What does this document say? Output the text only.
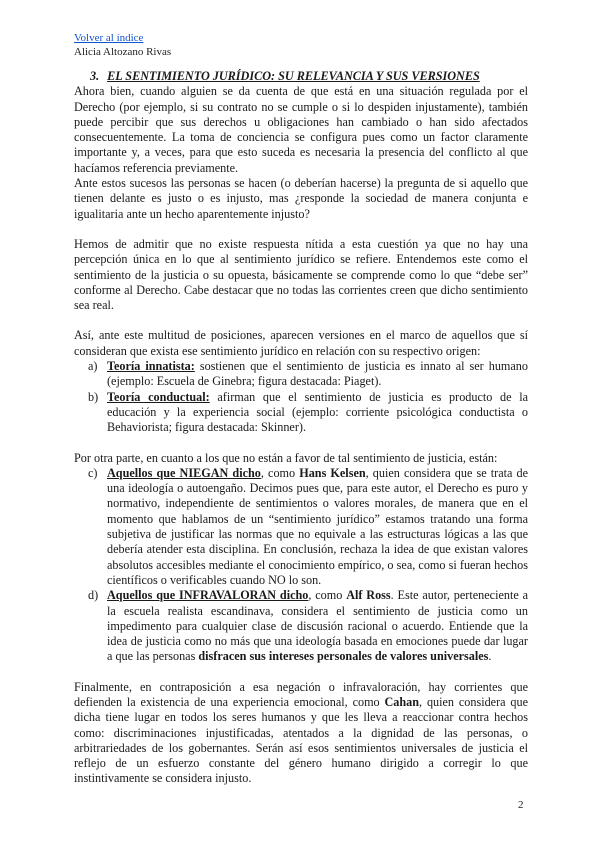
Volver al índice
Alicia Altozano Rivas

3. EL SENTIMIENTO JURÍDICO: SU RELEVANCIA Y SUS VERSIONES

Ahora bien, cuando alguien se da cuenta de que está en una situación regulada por el Derecho (por ejemplo, si su contrato no se cumple o si lo despiden injustamente), también puede percibir que sus derechos u obligaciones han cambiado o han sido afectados consecuentemente. La toma de conciencia se configura pues como un factor claramente importante y, a veces, para que esto suceda es necesaria la presencia del conflicto al que hacíamos referencia previamente.

Ante estos sucesos las personas se hacen (o deberían hacerse) la pregunta de si aquello que tienen delante es justo o es injusto, mas ¿responde la sociedad de manera conjunta e igualitaria ante un hecho aparentemente injusto?

Hemos de admitir que no existe respuesta nítida a esta cuestión ya que no hay una percepción única en lo que al sentimiento jurídico se refiere. Entendemos este como el sentimiento de la justicia o su opuesta, básicamente se comprende como lo que “debe ser” conforme al Derecho. Cabe destacar que no todas las corrientes creen que dicho sentimiento sea real.

Así, ante este multitud de posiciones, aparecen versiones en el marco de aquellos que sí consideran que exista ese sentimiento jurídico en relación con su respectivo origen:

a) Teoría innatista: sostienen que el sentimiento de justicia es innato al ser humano (ejemplo: Escuela de Ginebra; figura destacada: Piaget).
b) Teoría conductual: afirman que el sentimiento de justicia es producto de la educación y la experiencia social (ejemplo: corriente psicológica conductista o Behaviorista; figura destacada: Skinner).

Por otra parte, en cuanto a los que no están a favor de tal sentimiento de justicia, están:

c) Aquellos que NIEGAN dicho, como Hans Kelsen, quien considera que se trata de una ideología o autoengaño. Decimos pues que, para este autor, el Derecho es puro y normativo, independiente de sentimientos o valores morales, de manera que en el momento que hablamos de un “sentimiento jurídico” estamos tratando una forma subjetiva de justificar las normas que no equivale a las estructuras lógicas a las que debería atender esta disciplina. En conclusión, rechaza la idea de que existan valores absolutos accesibles mediante el conocimiento empírico, o sea, como si fueran hechos científicos o verificables cuando NO lo son.
d) Aquellos que INFRAVALORAN dicho, como Alf Ross. Este autor, perteneciente a la escuela realista escandinava, considera el sentimiento de justicia como un impedimento para cualquier clase de discusión racional o acuerdo. Entiende que la idea de justicia como no más que una ideología basada en emociones puede dar lugar a que las personas disfracen sus intereses personales de valores universales.

Finalmente, en contraposición a esa negación o infravaloración, hay corrientes que defienden la existencia de una experiencia emocional, como Cahan, quien considera que dicha tiene lugar en todos los seres humanos y que les lleva a reaccionar contra hechos como: discriminaciones injustificadas, atentados a la dignidad de las personas, o arbitrariedades de los gobernantes. Serán así esos sentimientos universales de justicia el reflejo de un esfuerzo constante del género humano dirigido a corregir lo que instintivamente se considera injusto.

2
